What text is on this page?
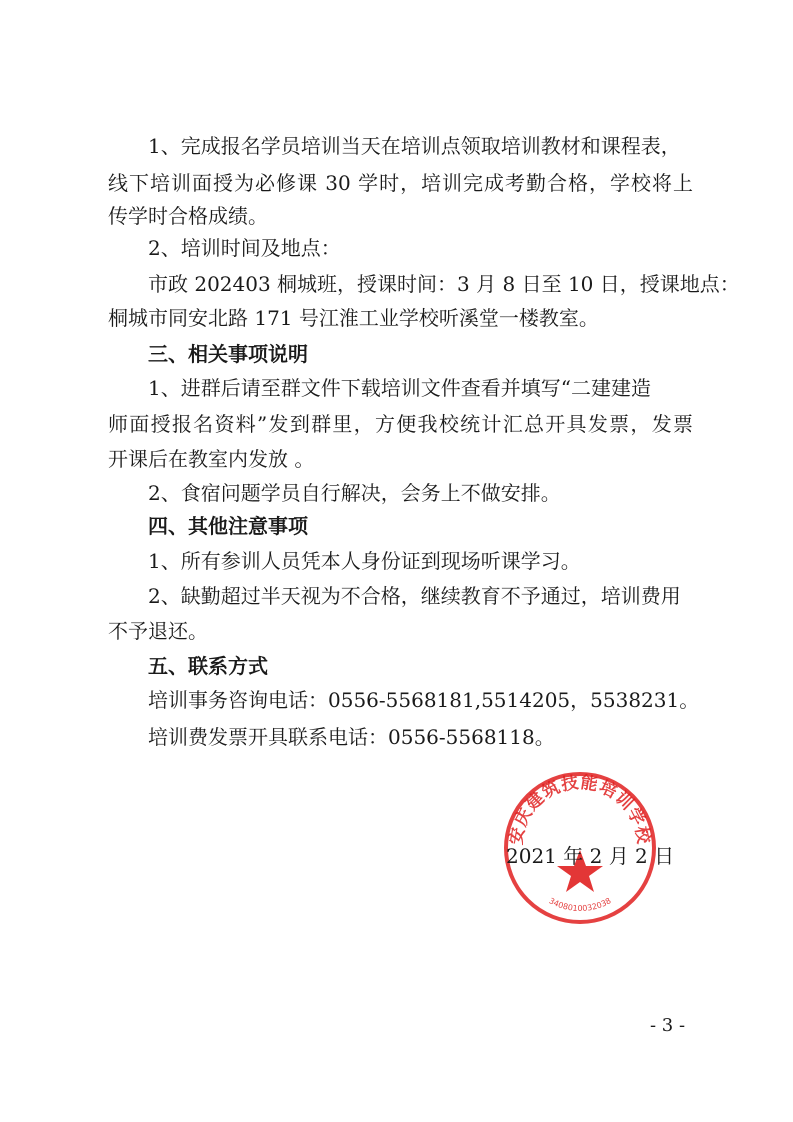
1、完成报名学员培训当天在培训点领取培训教材和课程表，
线下培训面授为必修课 30 学时，培训完成考勤合格，学校将上
传学时合格成绩。
2、培训时间及地点：
市政 202403 桐城班，授课时间：3 月 8 日至 10 日，授课地点：
桐城市同安北路 171 号江淮工业学校听溪堂一楼教室。
三、相关事项说明
1、进群后请至群文件下载培训文件查看并填写“二建建造
师面授报名资料”发到群里，方便我校统计汇总开具发票，发票
开课后在教室内发放 。
2、食宿问题学员自行解决，会务上不做安排。
四、其他注意事项
1、所有参训人员凭本人身份证到现场听课学习。
2、缺勤超过半天视为不合格，继续教育不予通过，培训费用
不予退还。
五、联系方式
培训事务咨询电话：0556-5568181,5514205，5538231。
培训费发票开具联系电话：0556-5568118。
安庆建筑技能培训学校
3408010032038
2021 年 2 月 2 日
- 3 -
